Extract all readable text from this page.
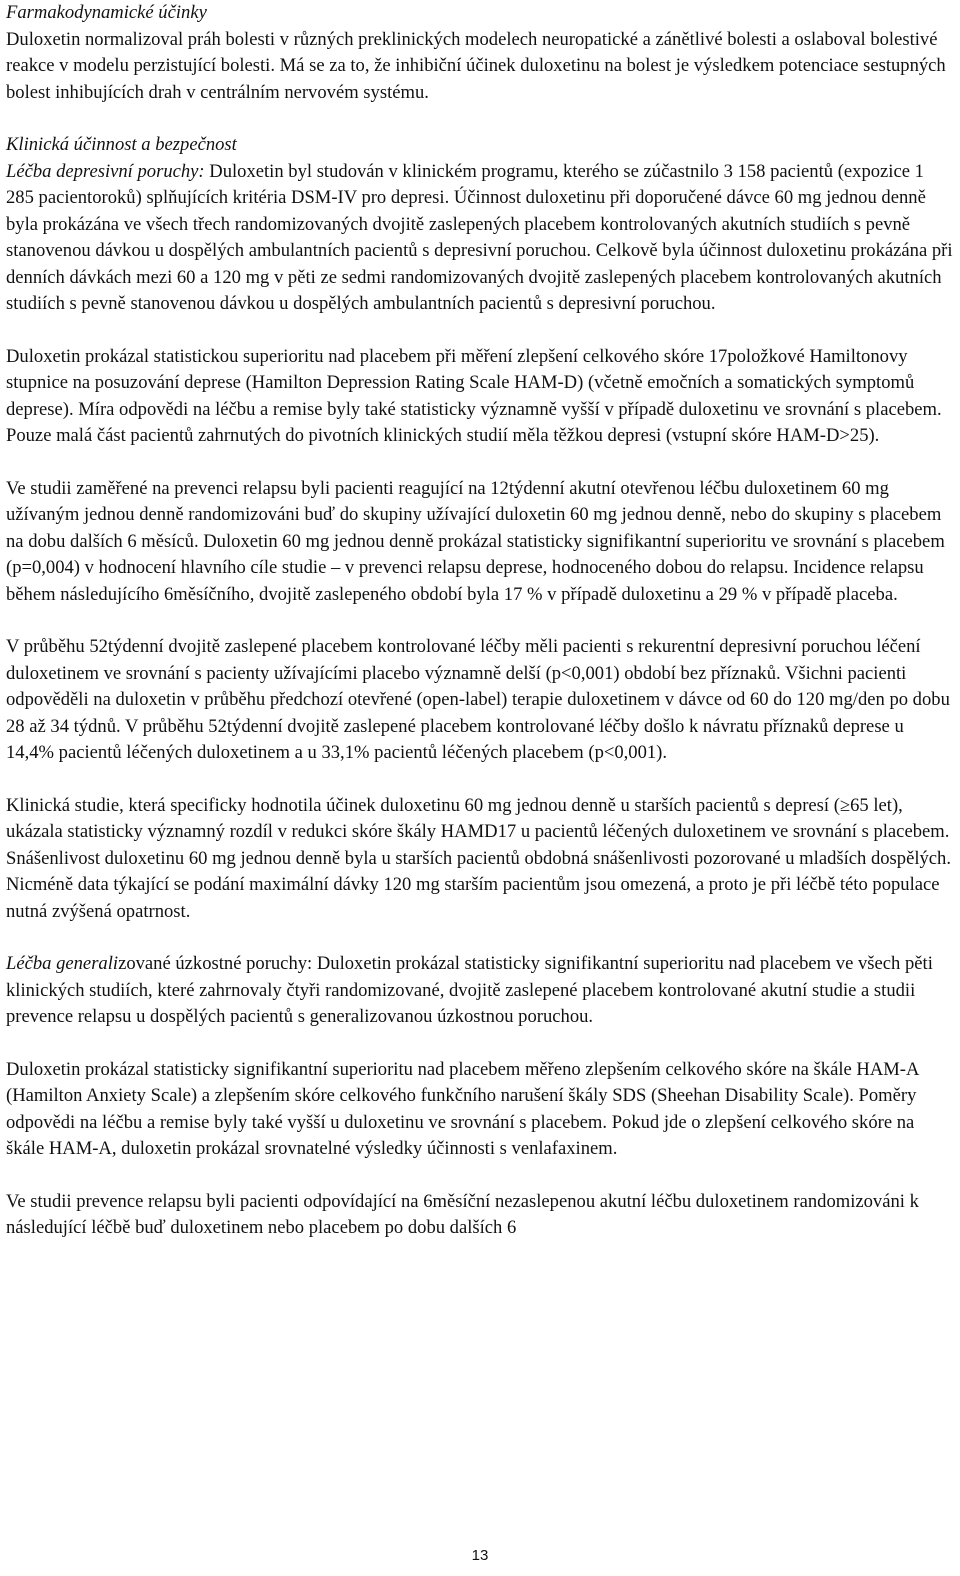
Farmakodynamické účinky

Duloxetin normalizoval práh bolesti v různých preklinických modelech neuropatické a zánětlivé bolesti a oslaboval bolestivé reakce v modelu perzistující bolesti. Má se za to, že inhibiční účinek duloxetinu na bolest je výsledkem potenciace sestupných bolest inhibujících drah v centrálním nervovém systému.

Klinická účinnost a bezpečnost

Léčba depresivní poruchy: Duloxetin byl studován v klinickém programu, kterého se zúčastnilo 3 158 pacientů (expozice 1 285 pacientoroků) splňujících kritéria DSM-IV pro depresi. Účinnost duloxetinu při doporučené dávce 60 mg jednou denně byla prokázána ve všech třech randomizovaných dvojitě zaslepených placebem kontrolovaných akutních studiích s pevně stanovenou dávkou u dospělých ambulantních pacientů s depresivní poruchou. Celkově byla účinnost duloxetinu prokázána při denních dávkách mezi 60 a 120 mg v pěti ze sedmi randomizovaných dvojitě zaslepených placebem kontrolovaných akutních studiích s pevně stanovenou dávkou u dospělých ambulantních pacientů s depresivní poruchou.

Duloxetin prokázal statistickou superioritu nad placebem při měření zlepšení celkového skóre 17položkové Hamiltonovy stupnice na posuzování deprese (Hamilton Depression Rating Scale HAM-D) (včetně emočních a somatických symptomů deprese). Míra odpovědi na léčbu a remise byly také statisticky významně vyšší v případě duloxetinu ve srovnání s placebem. Pouze malá část pacientů zahrnutých do pivotních klinických studií měla těžkou depresi (vstupní skóre HAM-D>25).

Ve studii zaměřené na prevenci relapsu byli pacienti reagující na 12týdenní akutní otevřenou léčbu duloxetinem 60 mg užívaným jednou denně randomizováni buď do skupiny užívající duloxetin 60 mg jednou denně, nebo do skupiny s placebem na dobu dalších 6 měsíců. Duloxetin 60 mg jednou denně prokázal statisticky signifikantní superioritu ve srovnání s placebem (p=0,004) v hodnocení hlavního cíle studie – v prevenci relapsu deprese, hodnoceného dobou do relapsu. Incidence relapsu během následujícího 6měsíčního, dvojitě zaslepeného období byla 17 % v případě duloxetinu a 29 % v případě placeba.

V průběhu 52týdenní dvojitě zaslepené placebem kontrolované léčby měli pacienti s rekurentní depresivní poruchou léčení duloxetinem ve srovnání s pacienty užívajícími placebo významně delší (p<0,001) období bez příznaků. Všichni pacienti odpověděli na duloxetin v průběhu předchozí otevřené (open-label) terapie duloxetinem v dávce od 60 do 120 mg/den po dobu 28 až 34 týdnů. V průběhu 52týdenní dvojitě zaslepené placebem kontrolované léčby došlo k návratu příznaků deprese u 14,4% pacientů léčených duloxetinem a u 33,1% pacientů léčených placebem (p<0,001).

Klinická studie, která specificky hodnotila účinek duloxetinu 60 mg jednou denně u starších pacientů s depresí (≥65 let), ukázala statisticky významný rozdíl v redukci skóre škály HAMD17 u pacientů léčených duloxetinem ve srovnání s placebem. Snášenlivost duloxetinu 60 mg jednou denně byla u starších pacientů obdobná snášenlivosti pozorované u mladších dospělých. Nicméně data týkající se podání maximální dávky 120 mg starším pacientům jsou omezená, a proto je při léčbě této populace nutná zvýšená opatrnost.

Léčba generalizované úzkostné poruchy: Duloxetin prokázal statisticky signifikantní superioritu nad placebem ve všech pěti klinických studiích, které zahrnovaly čtyři randomizované, dvojitě zaslepené placebem kontrolované akutní studie a studii prevence relapsu u dospělých pacientů s generalizovanou úzkostnou poruchou.

Duloxetin prokázal statisticky signifikantní superioritu nad placebem měřeno zlepšením celkového skóre na škále HAM-A (Hamilton Anxiety Scale) a zlepšením skóre celkového funkčního narušení škály SDS (Sheehan Disability Scale). Poměry odpovědi na léčbu a remise byly také vyšší u duloxetinu ve srovnání s placebem. Pokud jde o zlepšení celkového skóre na škále HAM-A, duloxetin prokázal srovnatelné výsledky účinnosti s venlafaxinem.

Ve studii prevence relapsu byli pacienti odpovídající na 6měsíční nezaslepenou akutní léčbu duloxetinem randomizováni k následující léčbě buď duloxetinem nebo placebem po dobu dalších 6

13
